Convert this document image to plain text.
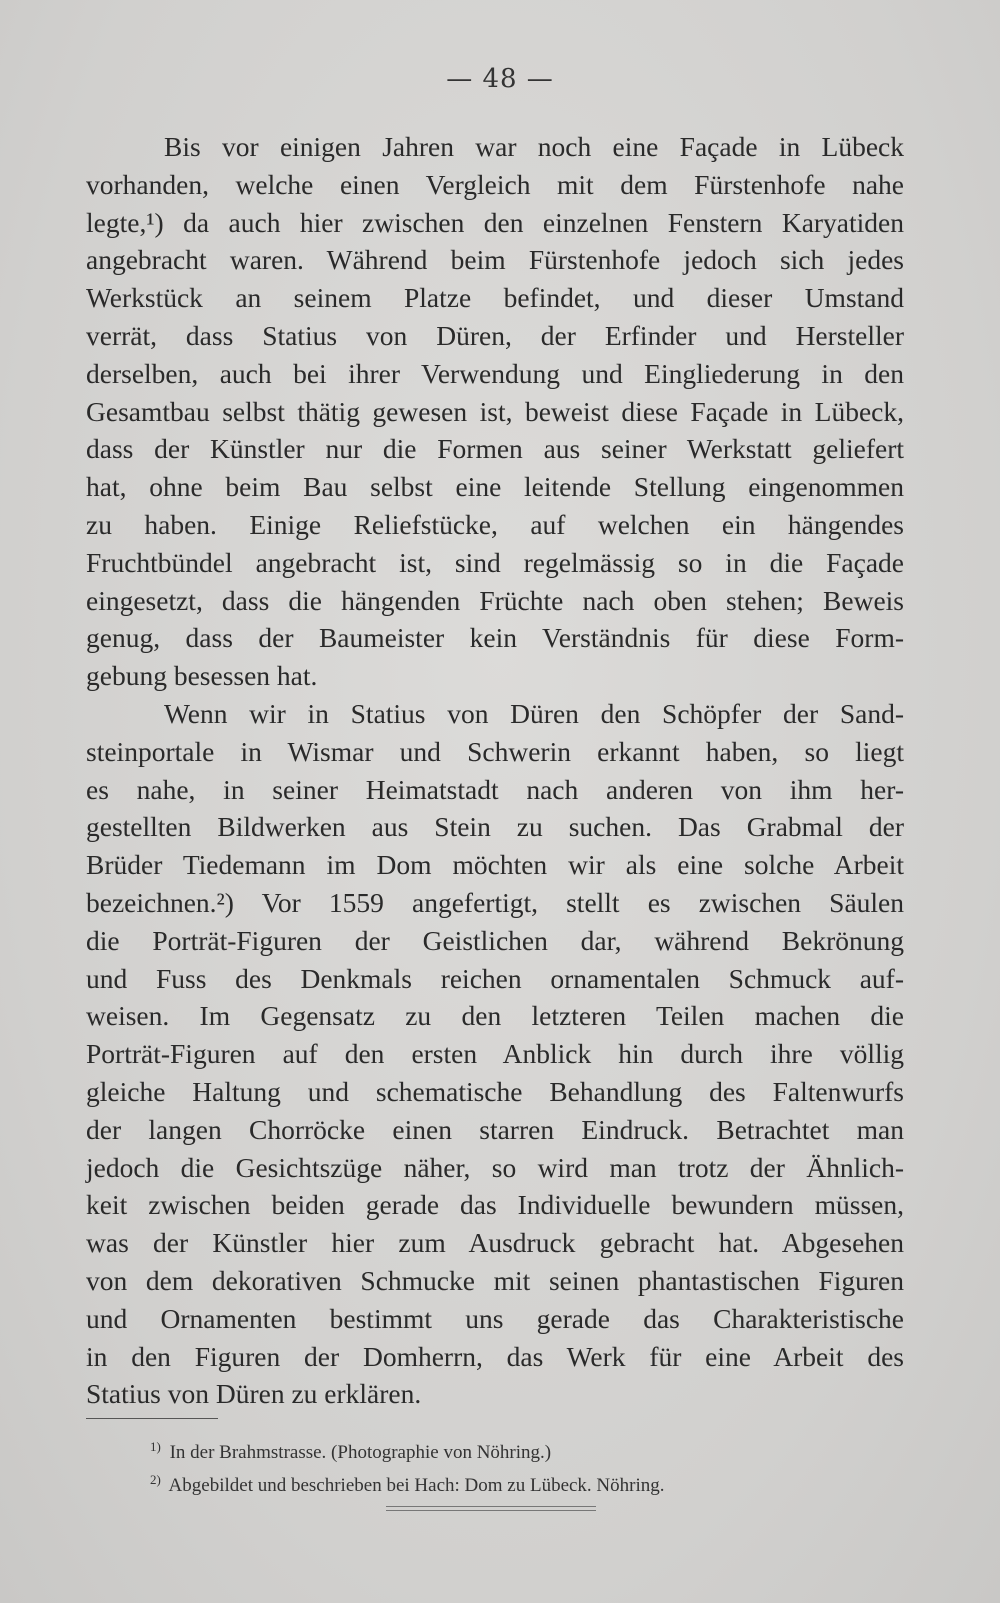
— 48 —
Bis vor einigen Jahren war noch eine Façade in Lübeck
vorhanden, welche einen Vergleich mit dem Fürstenhofe nahe
legte,¹) da auch hier zwischen den einzelnen Fenstern Karyatiden
angebracht waren. Während beim Fürstenhofe jedoch sich jedes
Werkstück an seinem Platze befindet, und dieser Umstand
verrät, dass Statius von Düren, der Erfinder und Hersteller
derselben, auch bei ihrer Verwendung und Eingliederung in den
Gesamtbau selbst thätig gewesen ist, beweist diese Façade in Lübeck,
dass der Künstler nur die Formen aus seiner Werkstatt geliefert
hat, ohne beim Bau selbst eine leitende Stellung eingenommen
zu haben. Einige Reliefstücke, auf welchen ein hängendes
Fruchtbündel angebracht ist, sind regelmässig so in die Façade
eingesetzt, dass die hängenden Früchte nach oben stehen; Beweis
genug, dass der Baumeister kein Verständnis für diese Form-
gebung besessen hat.
Wenn wir in Statius von Düren den Schöpfer der Sand-
steinportale in Wismar und Schwerin erkannt haben, so liegt
es nahe, in seiner Heimatstadt nach anderen von ihm her-
gestellten Bildwerken aus Stein zu suchen. Das Grabmal der
Brüder Tiedemann im Dom möchten wir als eine solche Arbeit
bezeichnen.²) Vor 1559 angefertigt, stellt es zwischen Säulen
die Porträt-Figuren der Geistlichen dar, während Bekrönung
und Fuss des Denkmals reichen ornamentalen Schmuck auf-
weisen. Im Gegensatz zu den letzteren Teilen machen die
Porträt-Figuren auf den ersten Anblick hin durch ihre völlig
gleiche Haltung und schematische Behandlung des Faltenwurfs
der langen Chorröcke einen starren Eindruck. Betrachtet man
jedoch die Gesichtszüge näher, so wird man trotz der Ähnlich-
keit zwischen beiden gerade das Individuelle bewundern müssen,
was der Künstler hier zum Ausdruck gebracht hat. Abgesehen
von dem dekorativen Schmucke mit seinen phantastischen Figuren
und Ornamenten bestimmt uns gerade das Charakteristische
in den Figuren der Domherrn, das Werk für eine Arbeit des
Statius von Düren zu erklären.
$^{1)}$ In der Brahmstrasse. (Photographie von Nöhring.)
$^{2)}$ Abgebildet und beschrieben bei Hach: Dom zu Lübeck. Nöhring.
